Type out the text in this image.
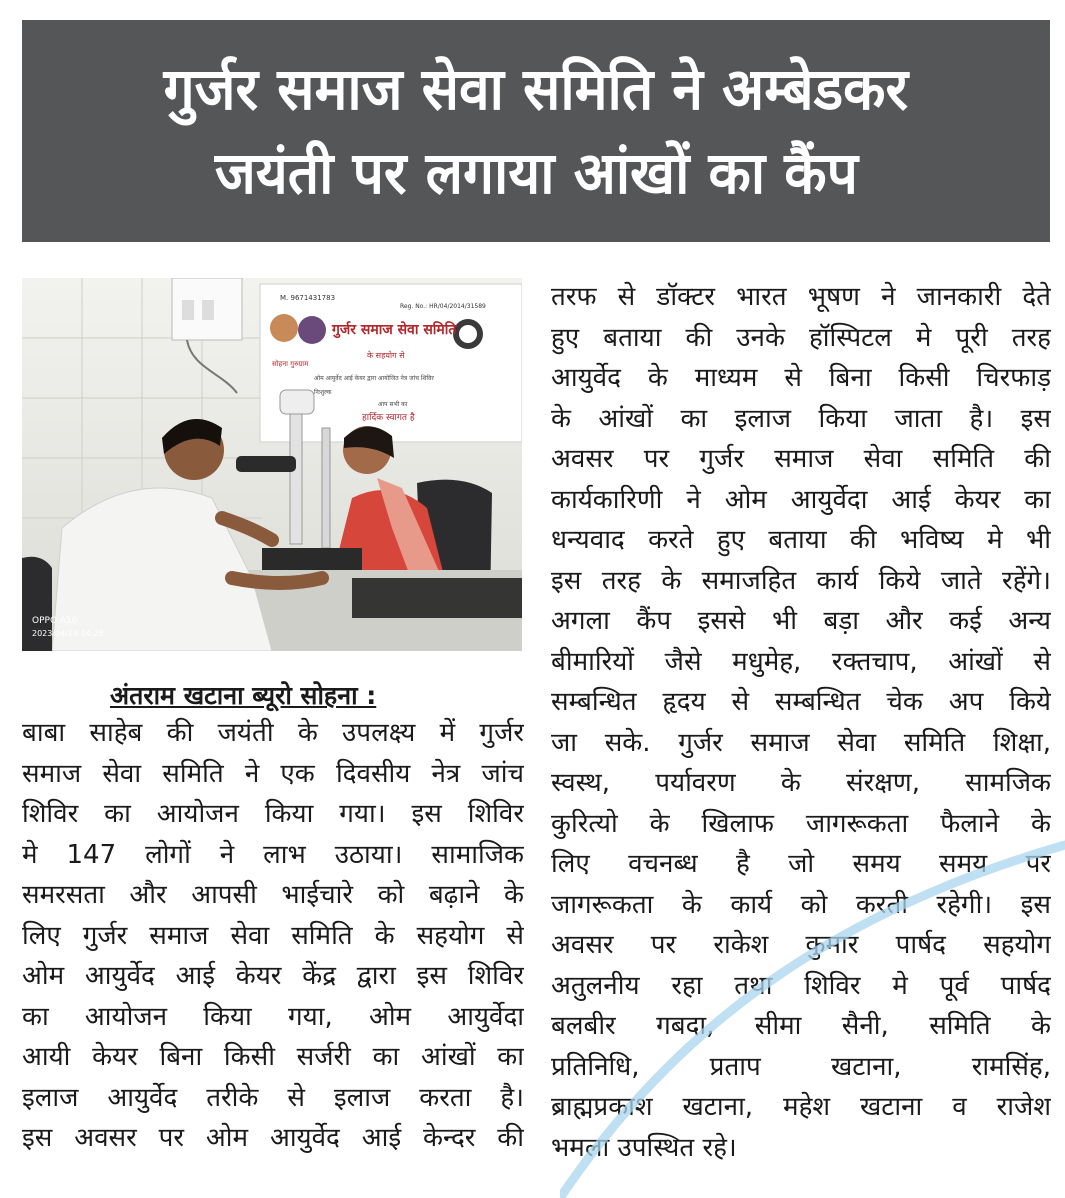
गुर्जर समाज सेवा समिति ने अम्बेडकर
जयंती पर लगाया आंखों का कैंप
M. 9671431783
Reg. No.: HR/04/2014/31589
गुर्जर समाज सेवा समिति
सोहना गुरुग्राम
के सहयोग से
ओम आयुर्वेद आई केयर द्वारा आयोजित नेत्र जांच शिविर
निःशुल्क
आप सभी का
हार्दिक स्वागत है
OPPO A16
2023/04/14 14:26
अंतराम खटाना ब्यूरो सोहना :
बाबा साहेब की जयंती के उपलक्ष्य में गुर्जर
समाज सेवा समिति ने एक दिवसीय नेत्र जांच
शिविर का आयोजन किया गया। इस शिविर
मे 147 लोगों ने लाभ उठाया। सामाजिक
समरसता और आपसी भाईचारे को बढ़ाने के
लिए गुर्जर समाज सेवा समिति के सहयोग से
ओम आयुर्वेद आई केयर केंद्र द्वारा इस शिविर
का आयोजन किया गया, ओम आयुर्वेदा
आयी केयर बिना किसी सर्जरी का आंखों का
इलाज आयुर्वेद तरीके से इलाज करता है।
इस अवसर पर ओम आयुर्वेद आई केन्दर की
तरफ से डॉक्टर भारत भूषण ने जानकारी देते
हुए बताया की उनके हॉस्पिटल मे पूरी तरह
आयुर्वेद के माध्यम से बिना किसी चिरफाड़
के आंखों का इलाज किया जाता है। इस
अवसर पर गुर्जर समाज सेवा समिति की
कार्यकारिणी ने ओम आयुर्वेदा आई केयर का
धन्यवाद करते हुए बताया की भविष्य मे भी
इस तरह के समाजहित कार्य किये जाते रहेंगे।
अगला कैंप इससे भी बड़ा और कई अन्य
बीमारियों जैसे मधुमेह, रक्तचाप, आंखों से
सम्बन्धित हृदय से सम्बन्धित चेक अप किये
जा सके. गुर्जर समाज सेवा समिति शिक्षा,
स्वस्थ, पर्यावरण के संरक्षण, सामजिक
कुरित्यो के खिलाफ जागरूकता फैलाने के
लिए वचनब्ध है जो समय समय पर
जागरूकता के कार्य को करती रहेगी। इस
अवसर पर राकेश कुमार पार्षद सहयोग
अतुलनीय रहा तथा शिविर मे पूर्व पार्षद
बलबीर गबदा, सीमा सैनी, समिति के
प्रतिनिधि, प्रताप खटाना, रामसिंह,
ब्राह्मप्रकाश खटाना, महेश खटाना व राजेश
भमला उपस्थित रहे।
